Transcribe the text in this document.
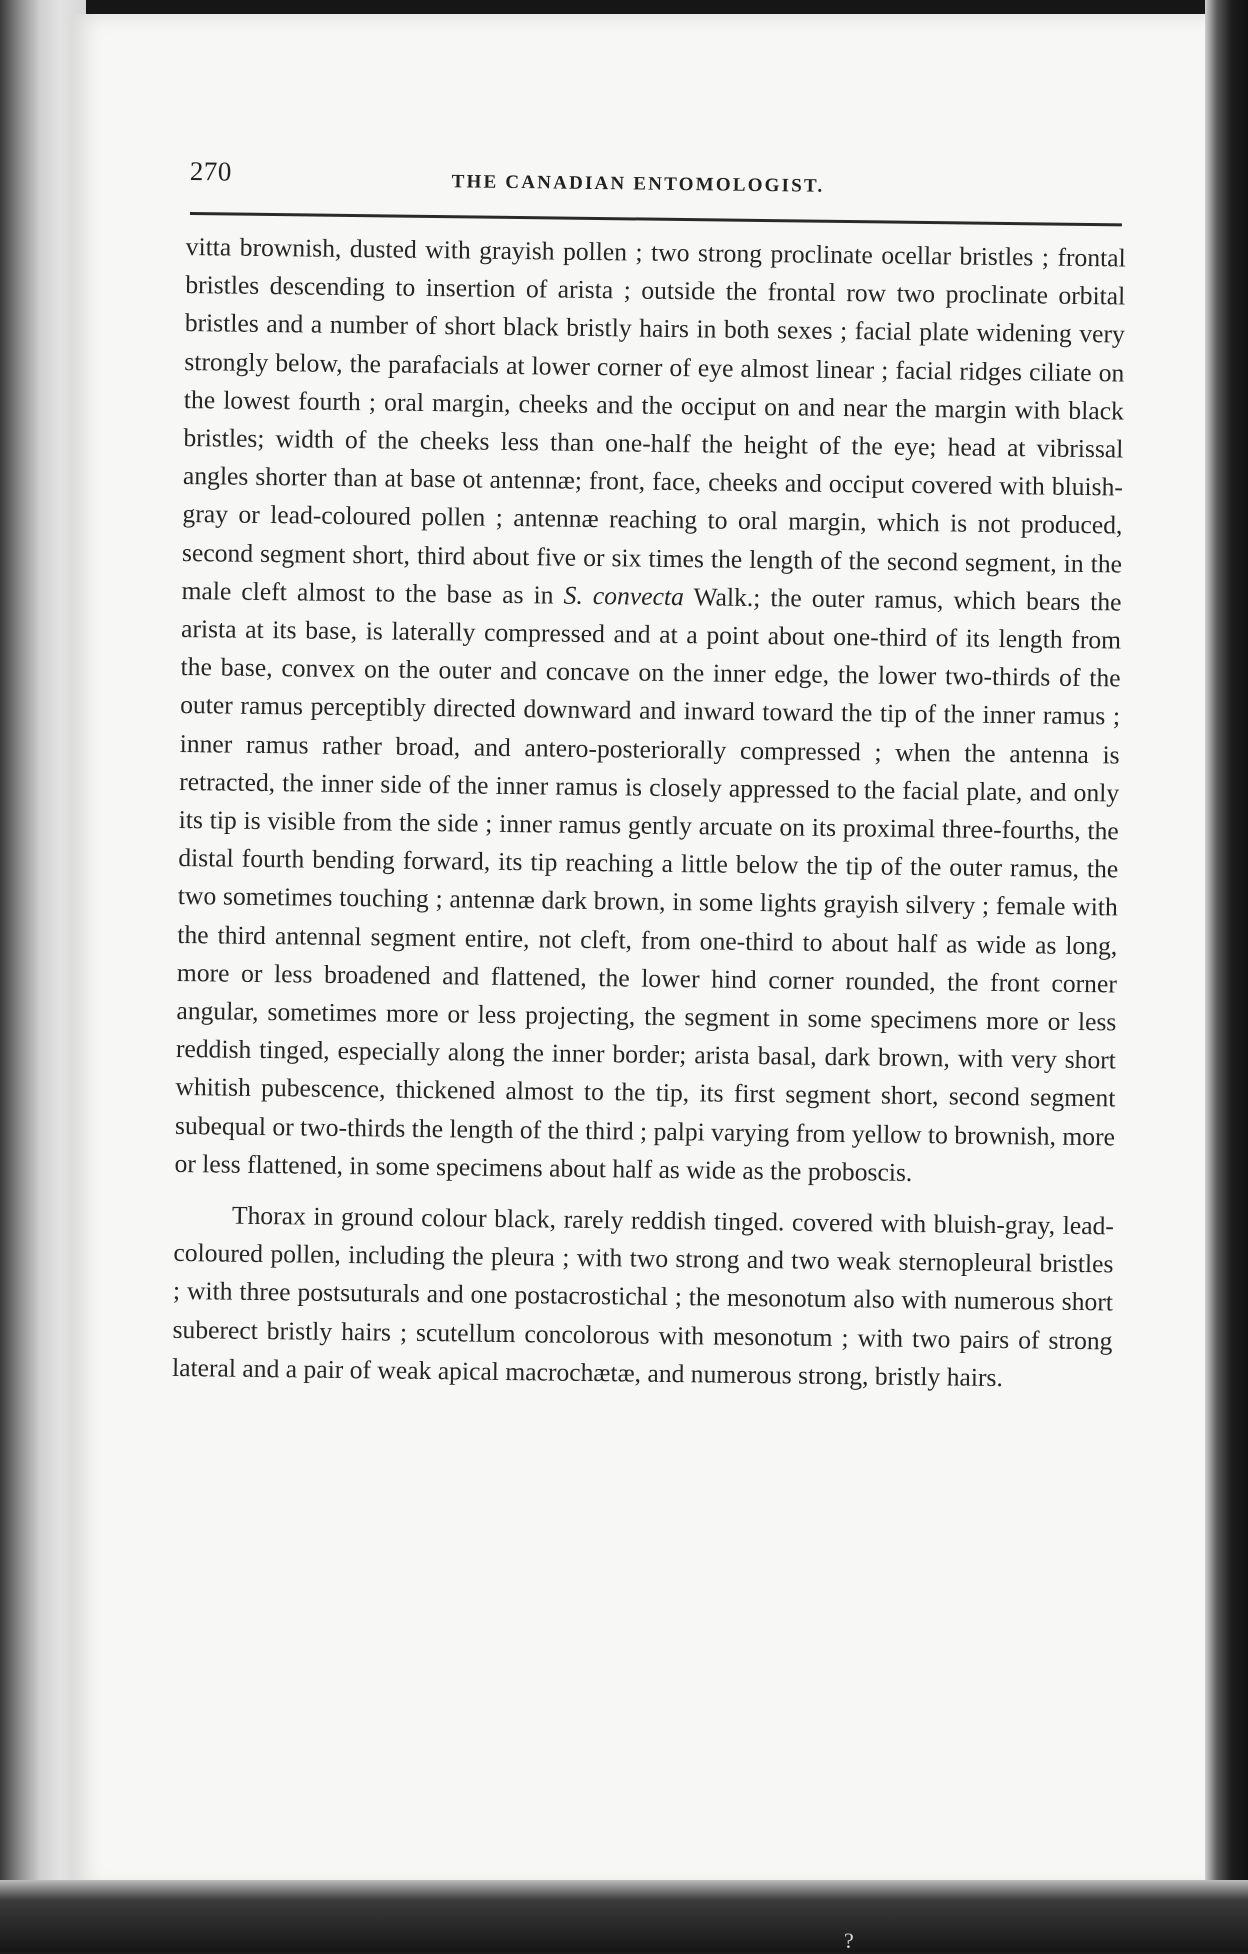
270	THE CANADIAN ENTOMOLOGIST.

vitta brownish, dusted with grayish pollen ; two strong proclinate ocellar bristles ; frontal bristles descending to insertion of arista ; outside the frontal row two proclinate orbital bristles and a number of short black bristly hairs in both sexes ; facial plate widening very strongly below, the parafacials at lower corner of eye almost linear ; facial ridges ciliate on the lowest fourth ; oral margin, cheeks and the occiput on and near the margin with black bristles; width of the cheeks less than one-half the height of the eye; head at vibrissal angles shorter than at base ot antennæ; front, face, cheeks and occiput covered with bluish-gray or lead-coloured pollen ; antennæ reaching to oral margin, which is not produced, second segment short, third about five or six times the length of the second segment, in the male cleft almost to the base as in S. convecta Walk.; the outer ramus, which bears the arista at its base, is laterally compressed and at a point about one-third of its length from the base, convex on the outer and concave on the inner edge, the lower two-thirds of the outer ramus perceptibly directed downward and inward toward the tip of the inner ramus ; inner ramus rather broad, and antero-posteriorally compressed ; when the antenna is retracted, the inner side of the inner ramus is closely appressed to the facial plate, and only its tip is visible from the side ; inner ramus gently arcuate on its proximal three-fourths, the distal fourth bending forward, its tip reaching a little below the tip of the outer ramus, the two sometimes touching ; antennæ dark brown, in some lights grayish silvery ; female with the third antennal segment entire, not cleft, from one-third to about half as wide as long, more or less broadened and flattened, the lower hind corner rounded, the front corner angular, sometimes more or less projecting, the segment in some specimens more or less reddish tinged, especially along the inner border; arista basal, dark brown, with very short whitish pubescence, thickened almost to the tip, its first segment short, second segment subequal or two-thirds the length of the third ; palpi varying from yellow to brownish, more or less flattened, in some specimens about half as wide as the proboscis.

Thorax in ground colour black, rarely reddish tinged. covered with bluish-gray, lead-coloured pollen, including the pleura ; with two strong and two weak sternopleural bristles ; with three postsuturals and one postacrostichal ; the mesonotum also with numerous short suberect bristly hairs ; scutellum concolorous with mesonotum ; with two pairs of strong lateral and a pair of weak apical macrochætæ, and numerous strong, bristly hairs.

?
